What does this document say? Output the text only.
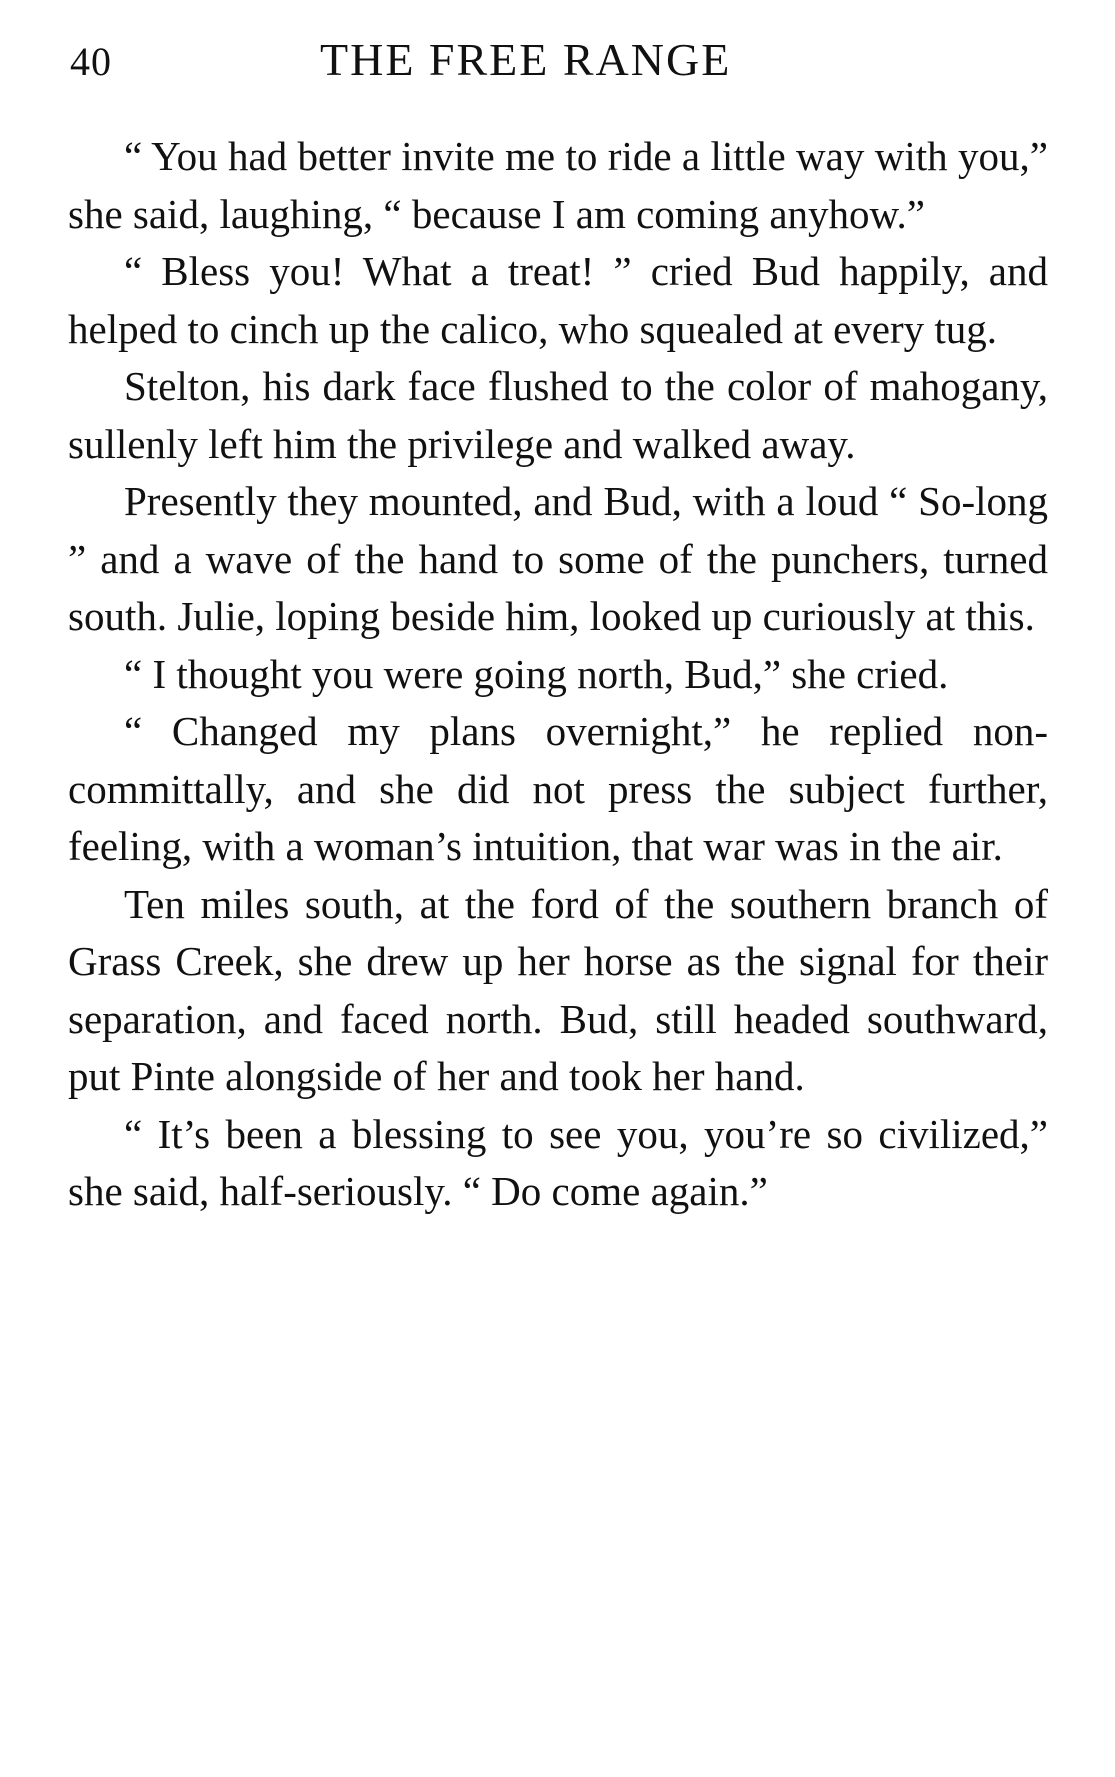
40	THE FREE RANGE

“ You had better invite me to ride a little way with you,” she said, laughing, “ because I am coming anyhow.”

“ Bless you! What a treat! ” cried Bud happily, and helped to cinch up the calico, who squealed at every tug.

Stelton, his dark face flushed to the color of mahogany, sullenly left him the privilege and walked away.

Presently they mounted, and Bud, with a loud “ So-long ” and a wave of the hand to some of the punchers, turned south. Julie, loping beside him, looked up curiously at this.

“ I thought you were going north, Bud,” she cried.

“ Changed my plans overnight,” he replied noncommittally, and she did not press the subject further, feeling, with a woman’s intuition, that war was in the air.

Ten miles south, at the ford of the southern branch of Grass Creek, she drew up her horse as the signal for their separation, and faced north. Bud, still headed southward, put Pinte alongside of her and took her hand.

“ It’s been a blessing to see you, you’re so civilized,” she said, half-seriously. “ Do come again.”
